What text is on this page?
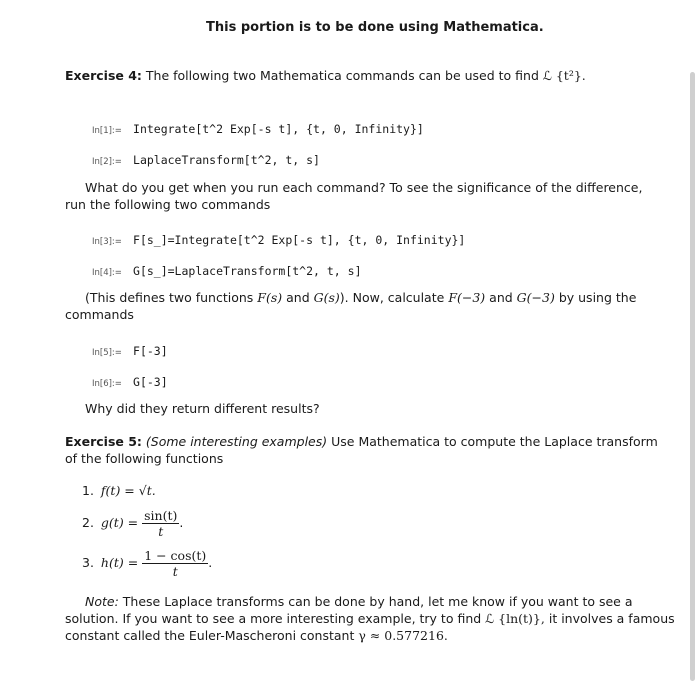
This portion is to be done using Mathematica.
Exercise 4: The following two Mathematica commands can be used to find ℒ {t²}.
In[1]:= Integrate[t^2 Exp[-s t], {t, 0, Infinity}]
In[2]:= LaplaceTransform[t^2, t, s]
What do you get when you run each command? To see the significance of the difference,
run the following two commands
In[3]:= F[s_]=Integrate[t^2 Exp[-s t], {t, 0, Infinity}]
In[4]:= G[s_]=LaplaceTransform[t^2, t, s]
(This defines two functions F(s) and G(s)). Now, calculate F(−3) and G(−3) by using the
commands
In[5]:= F[-3]
In[6]:= G[-3]
Why did they return different results?
Exercise 5: (Some interesting examples) Use Mathematica to compute the Laplace transform
of the following functions
1. f(t) = √t.
2. $g(t) = \frac{\sin(t)}{t}$ .
3. $h(t) = \frac{1 - \cos(t)}{t}$ .
Note: These Laplace transforms can be done by hand, let me know if you want to see a
solution. If you want to see a more interesting example, try to find ℒ {ln(t)}, it involves a famous
constant called the Euler-Mascheroni constant γ ≈ 0.577216.
